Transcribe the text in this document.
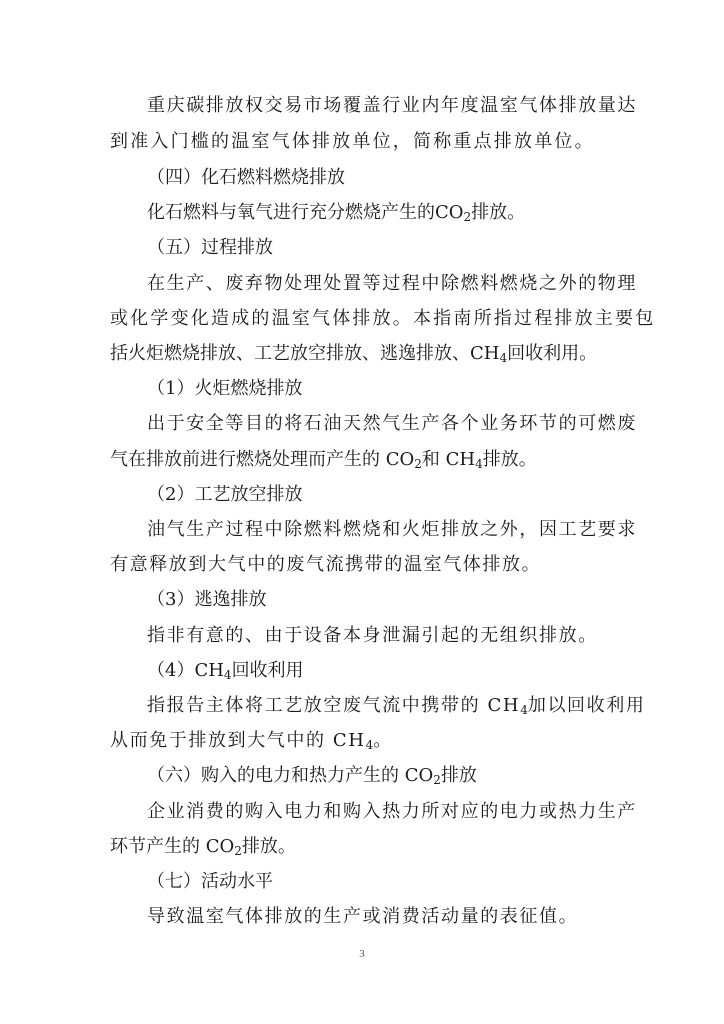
重庆碳排放权交易市场覆盖行业内年度温室气体排放量达
到准入门槛的温室气体排放单位，简称重点排放单位。
（四）化石燃料燃烧排放
化石燃料与氧气进行充分燃烧产生的$CO_2$排放。
（五）过程排放
在生产、废弃物处理处置等过程中除燃料燃烧之外的物理
或化学变化造成的温室气体排放。本指南所指过程排放主要包
括火炬燃烧排放、工艺放空排放、逃逸排放、$CH_4$回收利用。
（1）火炬燃烧排放
出于安全等目的将石油天然气生产各个业务环节的可燃废
气在排放前进行燃烧处理而产生的 $CO_2$和 $CH_4$排放。
（2）工艺放空排放
油气生产过程中除燃料燃烧和火炬排放之外，因工艺要求
有意释放到大气中的废气流携带的温室气体排放。
（3）逃逸排放
指非有意的、由于设备本身泄漏引起的无组织排放。
$(4)CH_4$回收利用
指报告主体将工艺放空废气流中携带的 $CH_4$加以回收利用
从而免于排放到大气中的 $CH_4$。
（六）购入的电力和热力产生的 $CO_2$排放
企业消费的购入电力和购入热力所对应的电力或热力生产
环节产生的 $CO_2$排放。
（七）活动水平
导致温室气体排放的生产或消费活动量的表征值。
3
